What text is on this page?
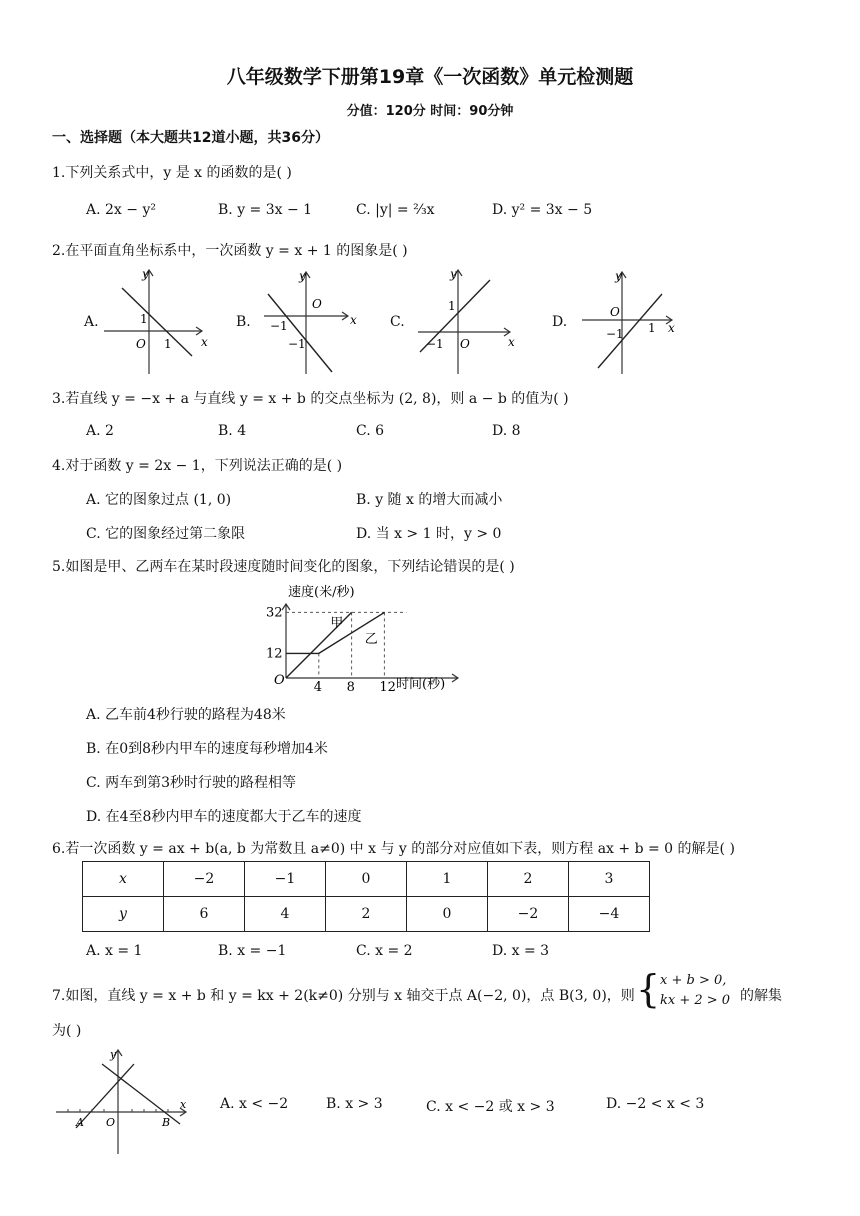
八年级数学下册第19章《一次函数》单元检测题
分值：120分 时间：90分钟
一、选择题（本大题共12道小题，共36分）
1.下列关系式中，y 是 x 的函数的是( )
A. 2x − y²	B. y = 3x − 1	C. |y| = ⅔x	D. y² = 3x − 5
2.在平面直角坐标系中，一次函数 y = x + 1 的图象是( )
A.	B.	C.	D.
y
x
1
O 1
y
x
O
−1
−1
y
x
1
−1 O
y
x
O
1
−1
3.若直线 y = −x + a 与直线 y = x + b 的交点坐标为 (2, 8)，则 a − b 的值为( )
A. 2	B. 4	C. 6	D. 8
4.对于函数 y = 2x − 1，下列说法正确的是( )
A. 它的图象过点 (1, 0)	B. y 随 x 的增大而减小
C. 它的图象经过第二象限	D. 当 x > 1 时，y > 0
5.如图是甲、乙两车在某时段速度随时间变化的图象，下列结论错误的是( )
速度(米/秒)
时间(秒)
O 4 8 12
12
32
甲
乙
A. 乙车前4秒行驶的路程为48米
B. 在0到8秒内甲车的速度每秒增加4米
C. 两车到第3秒时行驶的路程相等
D. 在4至8秒内甲车的速度都大于乙车的速度
6.若一次函数 y = ax + b(a, b 为常数且 a≠0) 中 x 与 y 的部分对应值如下表，则方程 ax + b = 0 的解是( )
x	−2	−1	0	1	2	3
y	6	4	2	0	−2	−4
A. x = 1	B. x = −1	C. x = 2	D. x = 3
7.如图，直线 y = x + b 和 y = kx + 2(k≠0) 分别与 x 轴交于点 A(−2, 0)，点 B(3, 0)，则 { x + b > 0,
kx + 2 > 0 的解集
为( )
y
x
O
A	B
A. x < −2	B. x > 3	C. x < −2 或 x > 3	D. −2 < x < 3
